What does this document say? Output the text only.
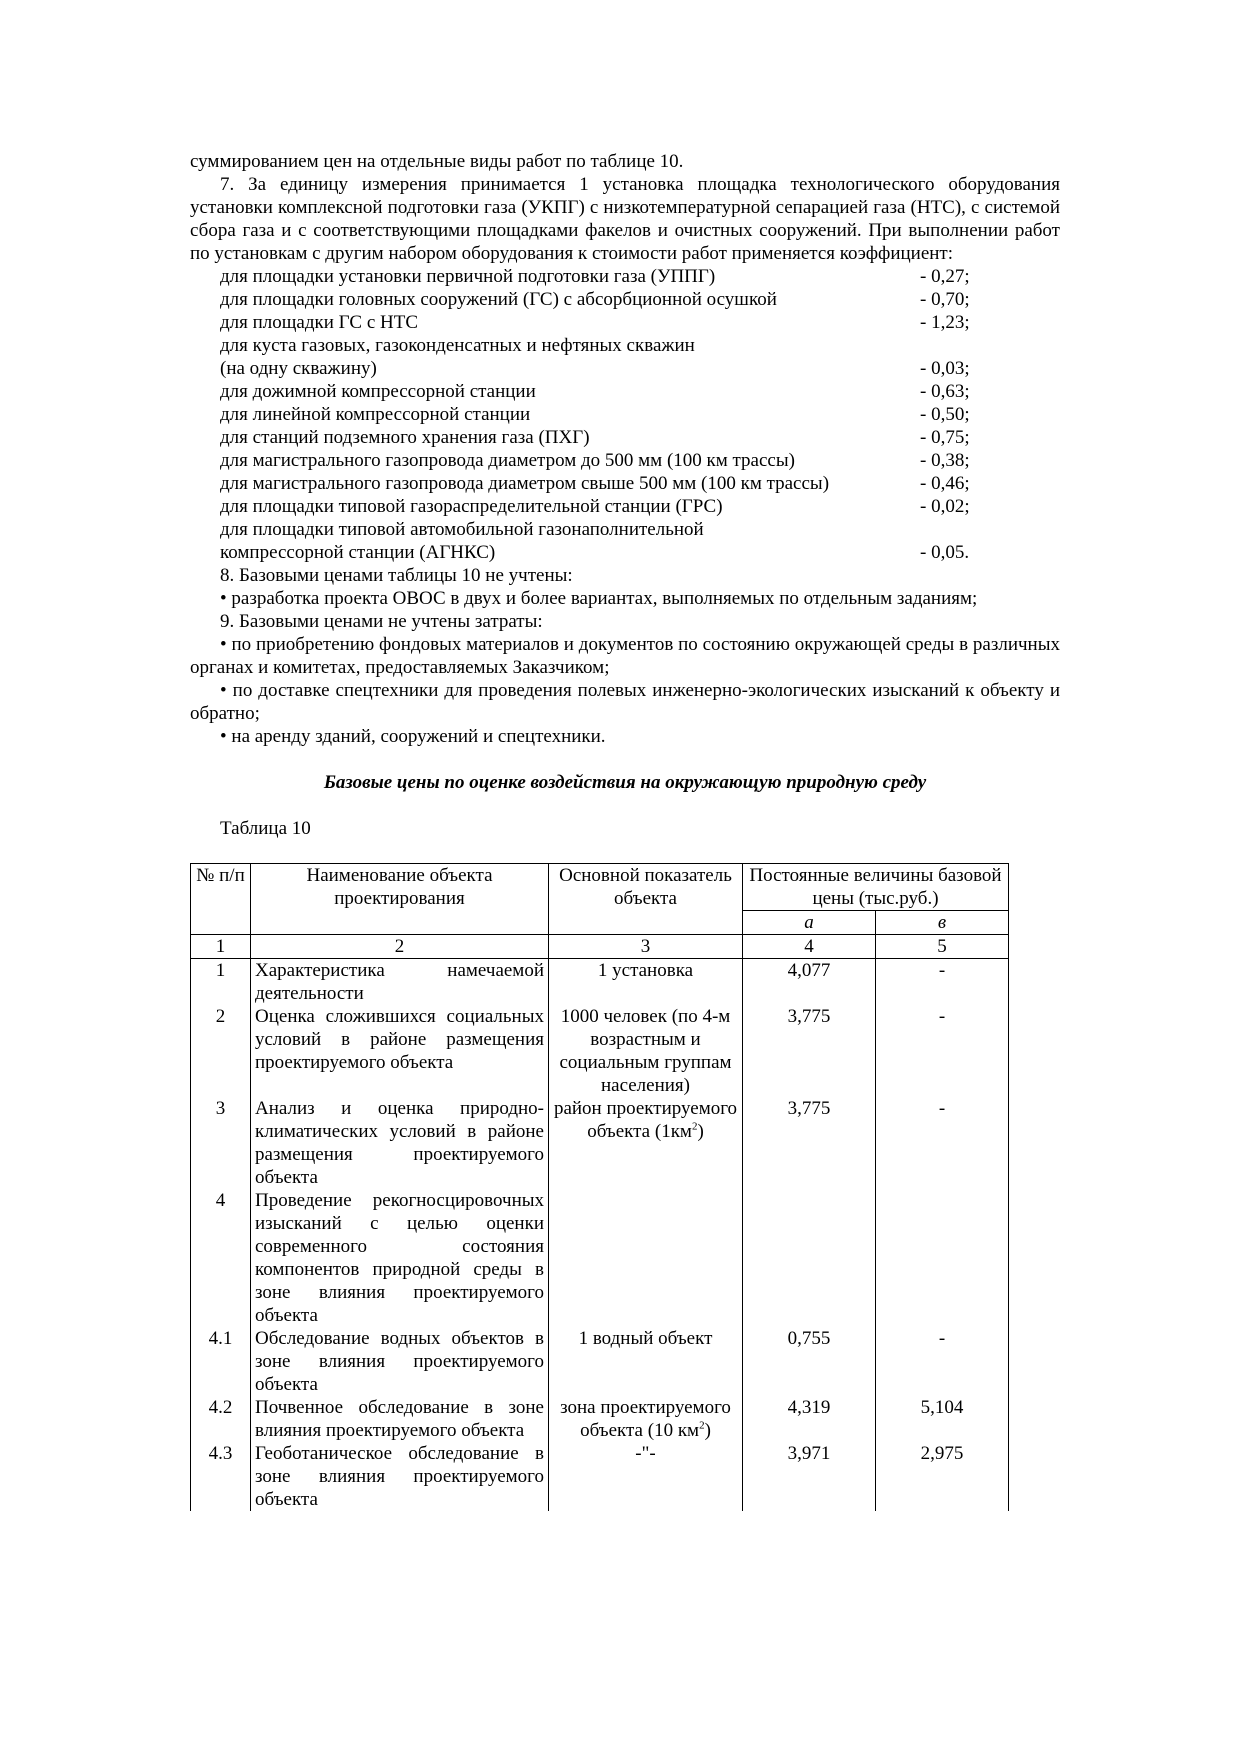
суммированием цен на отдельные виды работ по таблице 10.

7. За единицу измерения принимается 1 установка площадка технологического оборудования установки комплексной подготовки газа (УКПГ) с низкотемпературной сепарацией газа (НТС), с системой сбора газа и с соответствующими площадками факелов и очистных сооружений. При выполнении работ по установкам с другим набором оборудования к стоимости работ применяется коэффициент:

для площадки установки первичной подготовки газа (УППГ)	- 0,27;
для площадки головных сооружений (ГС) с абсорбционной осушкой	- 0,70;
для площадки ГС с НТС	- 1,23;
для куста газовых, газоконденсатных и нефтяных скважин
(на одну скважину)	- 0,03;
для дожимной компрессорной станции	- 0,63;
для линейной компрессорной станции	- 0,50;
для станций подземного хранения газа (ПХГ)	- 0,75;
для магистрального газопровода диаметром до 500 мм (100 км трассы)	- 0,38;
для магистрального газопровода диаметром свыше 500 мм (100 км трассы)	- 0,46;
для площадки типовой газораспределительной станции (ГРС)	- 0,02;
для площадки типовой автомобильной газонаполнительной
компрессорной станции (АГНКС)	- 0,05.

8. Базовыми ценами таблицы 10 не учтены:

• разработка проекта ОВОС в двух и более вариантах, выполняемых по отдельным заданиям;

9. Базовыми ценами не учтены затраты:

• по приобретению фондовых материалов и документов по состоянию окружающей среды в различных органах и комитетах, предоставляемых Заказчиком;

• по доставке спецтехники для проведения полевых инженерно-экологических изысканий к объекту и обратно;

• на аренду зданий, сооружений и спецтехники.

Базовые цены по оценке воздействия на окружающую природную среду
Таблица 10
№ п/п	Наименование объекта проектирования	Основной показатель объекта	Постоянные величины базовой цены (тыс.руб.)	
			а	в
1	2	3	4	5
1	Характеристика намечаемой деятельности	1 установка	4,077	-
2	Оценка сложившихся социальных условий в районе размещения проектируемого объекта	1000 человек (по 4-м возрастным и социальным группам населения)	3,775	-
3	Анализ и оценка природно-климатических условий в районе размещения проектируемого объекта	район проектируемого объекта $(1км^2)$	3,775	-
4	Проведение рекогносцировочных изысканий с целью оценки современного состояния компонентов природной среды в зоне влияния проектируемого объекта			
4.1	Обследование водных объектов в зоне влияния проектируемого объекта	1 водный объект	0,755	-
4.2	Почвенное обследование в зоне влияния проектируемого объекта	зона проектируемого объекта (10 $км^2$)	4,319	5,104
4.3	Геоботаническое обследование в зоне влияния проектируемого объекта	-"-	3,971	2,975
